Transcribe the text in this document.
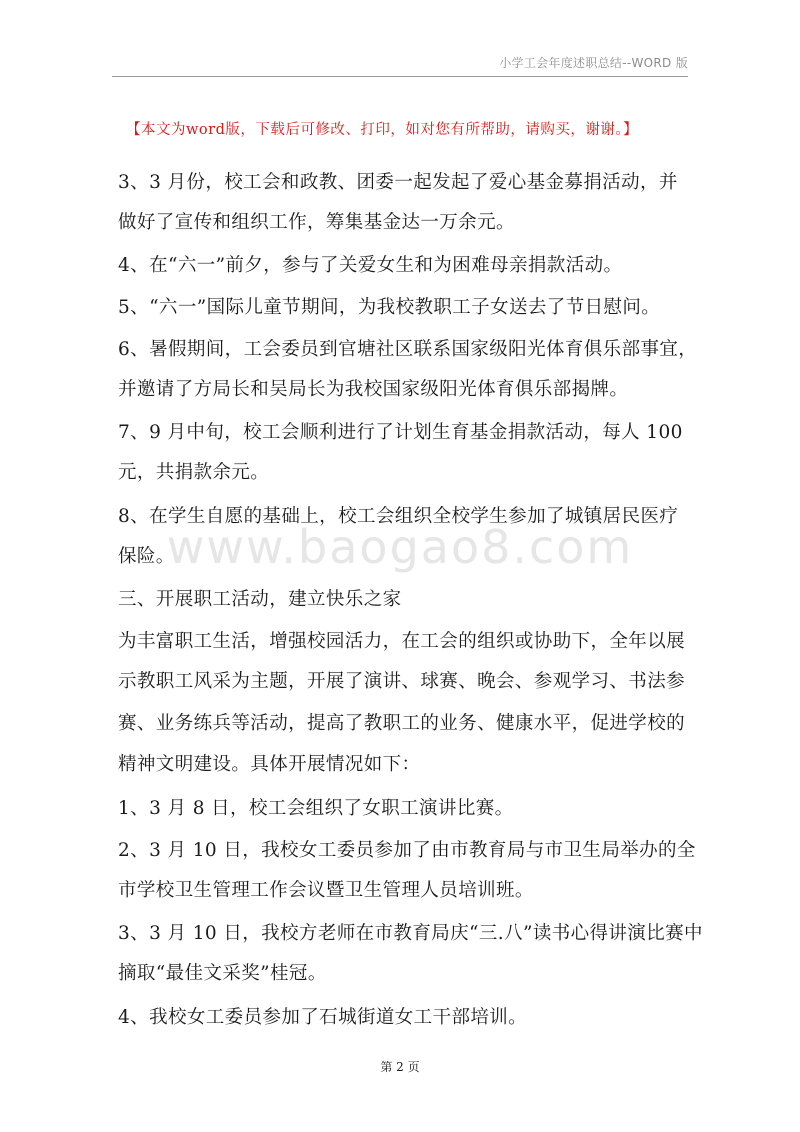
小学工会年度述职总结--WORD 版
【本文为word版，下载后可修改、打印，如对您有所帮助，请购买，谢谢。】
www.baogao8.com
3、3 月份，校工会和政教、团委一起发起了爱心基金募捐活动，并
做好了宣传和组织工作，筹集基金达一万余元。
4、在“六一”前夕，参与了关爱女生和为困难母亲捐款活动。
5、“六一”国际儿童节期间，为我校教职工子女送去了节日慰问。
6、暑假期间，工会委员到官塘社区联系国家级阳光体育俱乐部事宜，
并邀请了方局长和吴局长为我校国家级阳光体育俱乐部揭牌。
7、9 月中旬，校工会顺利进行了计划生育基金捐款活动，每人 100
元，共捐款余元。
8、在学生自愿的基础上，校工会组织全校学生参加了城镇居民医疗
保险。
三、开展职工活动，建立快乐之家
为丰富职工生活，增强校园活力，在工会的组织或协助下，全年以展
示教职工风采为主题，开展了演讲、球赛、晚会、参观学习、书法参
赛、业务练兵等活动，提高了教职工的业务、健康水平，促进学校的
精神文明建设。具体开展情况如下：
1、3 月 8 日，校工会组织了女职工演讲比赛。
2、3 月 10 日，我校女工委员参加了由市教育局与市卫生局举办的全
市学校卫生管理工作会议暨卫生管理人员培训班。
3、3 月 10 日，我校方老师在市教育局庆“三.八”读书心得讲演比赛中
摘取“最佳文采奖”桂冠。
4、我校女工委员参加了石城街道女工干部培训。
第 2 页
